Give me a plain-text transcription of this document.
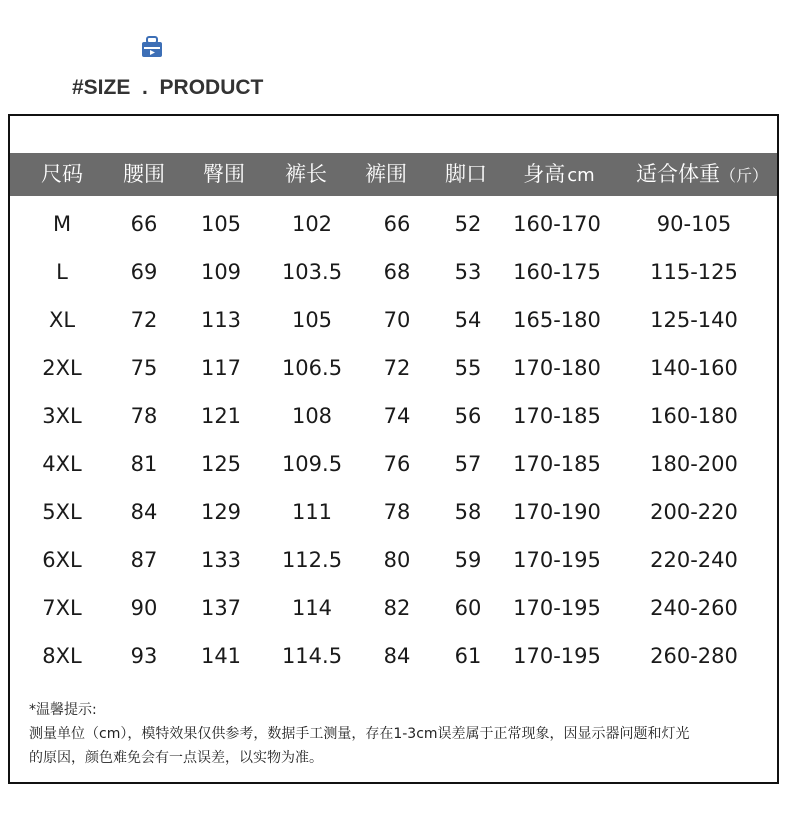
#SIZE  .  PRODUCT
尺码	腰围	臀围	裤长	裤围	脚口	身高 cm	适合体重（斤）
M	66	105	102	66	52	160-170	90-105
L	69	109	103.5	68	53	160-175	115-125
XL	72	113	105	70	54	165-180	125-140
2XL	75	117	106.5	72	55	170-180	140-160
3XL	78	121	108	74	56	170-185	160-180
4XL	81	125	109.5	76	57	170-185	180-200
5XL	84	129	111	78	58	170-190	200-220
6XL	87	133	112.5	80	59	170-195	220-240
7XL	90	137	114	82	60	170-195	240-260
8XL	93	141	114.5	84	61	170-195	260-280

*温馨提示:

测量单位（cm），模特效果仅供参考，数据手工测量，存在1-3cm误差属于正常现象，因显示器问题和灯光

的原因，颜色难免会有一点误差，以实物为准。
